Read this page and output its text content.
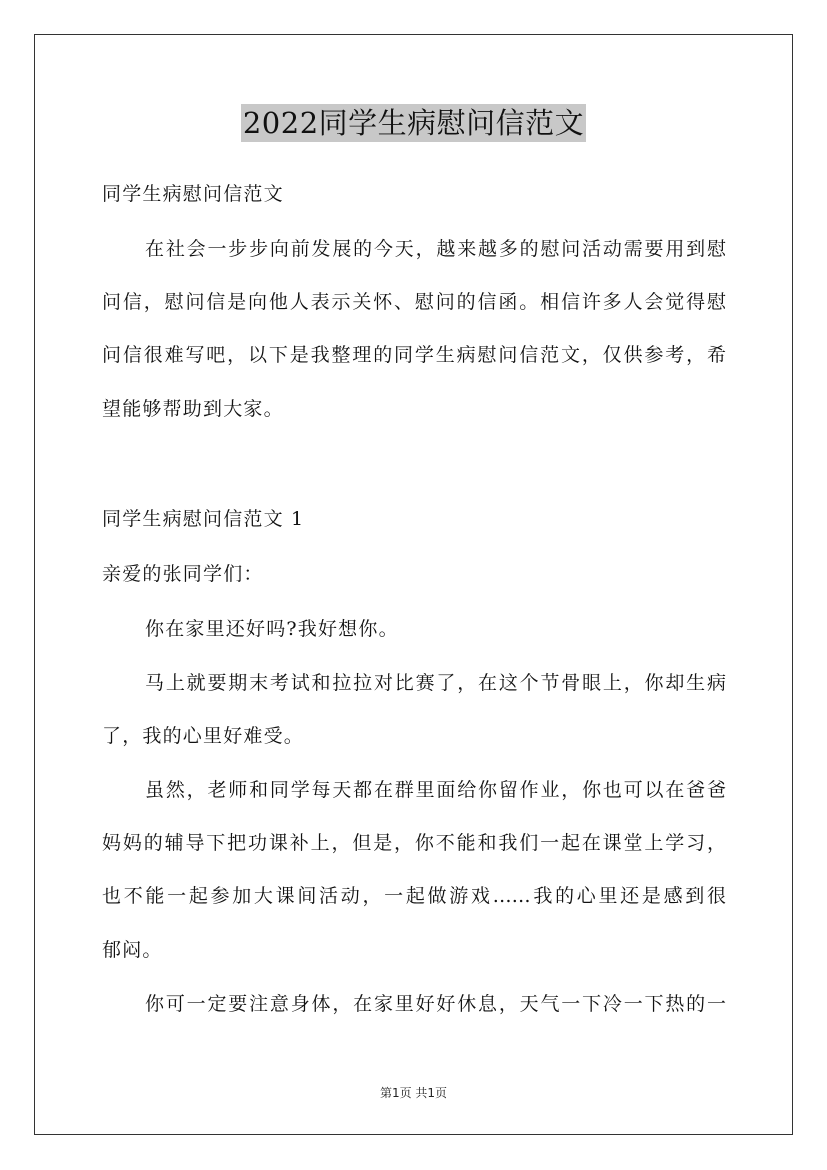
2022同学生病慰问信范文
同学生病慰问信范文
在社会一步步向前发展的今天，越来越多的慰问活动需要用到慰
问信，慰问信是向他人表示关怀、慰问的信函。相信许多人会觉得慰
问信很难写吧，以下是我整理的同学生病慰问信范文，仅供参考，希
望能够帮助到大家。
同学生病慰问信范文 1
亲爱的张同学们：
你在家里还好吗?我好想你。
马上就要期末考试和拉拉对比赛了，在这个节骨眼上，你却生病
了，我的心里好难受。
虽然，老师和同学每天都在群里面给你留作业，你也可以在爸爸
妈妈的辅导下把功课补上，但是，你不能和我们一起在课堂上学习，
也不能一起参加大课间活动，一起做游戏……我的心里还是感到很
郁闷。
你可一定要注意身体，在家里好好休息，天气一下冷一下热的一
第1页 共1页
